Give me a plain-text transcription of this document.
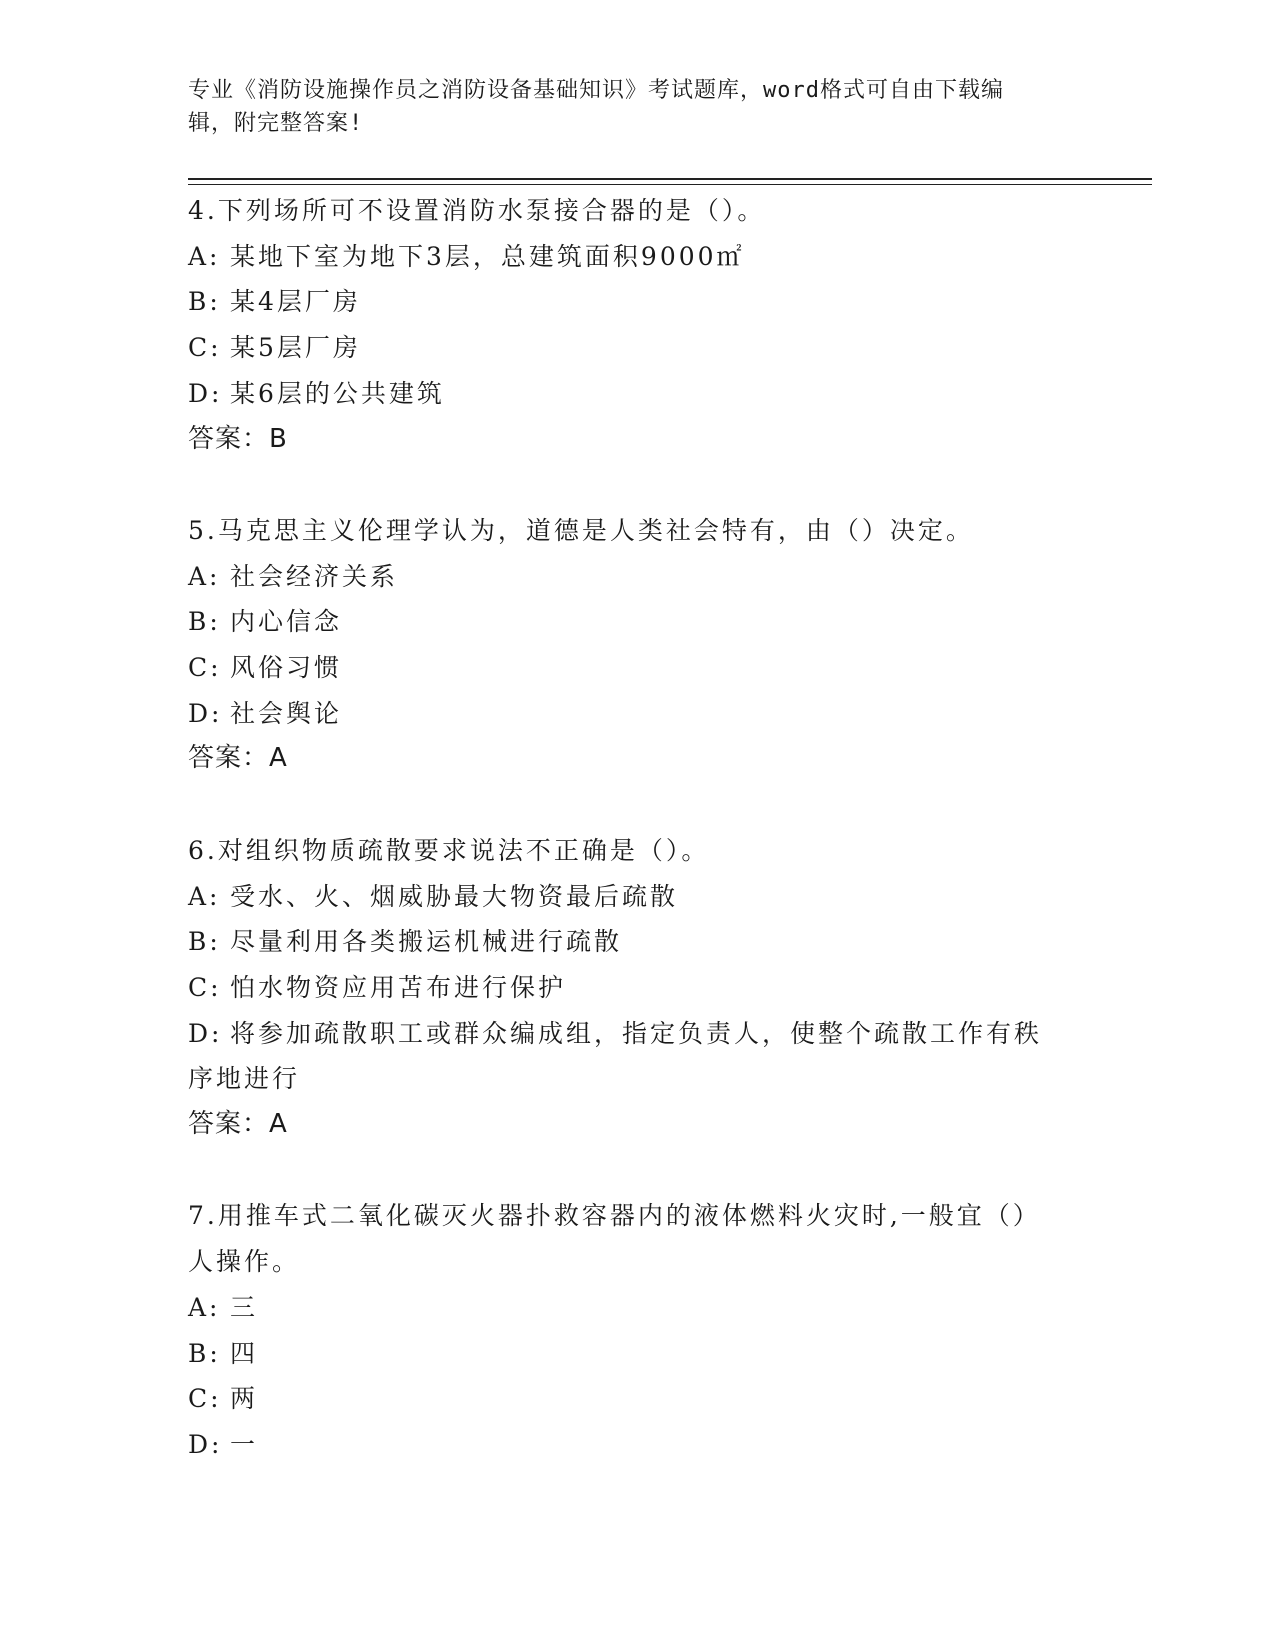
专业《消防设施操作员之消防设备基础知识》考试题库，word格式可自由下载编
辑，附完整答案!
4.下列场所可不设置消防水泵接合器的是（）。
A: 某地下室为地下3层，总建筑面积9000㎡
B: 某4层厂房
C: 某5层厂房
D: 某6层的公共建筑
答案：B
5.马克思主义伦理学认为，道德是人类社会特有，由（）决定。
A: 社会经济关系
B: 内心信念
C: 风俗习惯
D: 社会舆论
答案：A
6.对组织物质疏散要求说法不正确是（）。
A: 受水、火、烟威胁最大物资最后疏散
B: 尽量利用各类搬运机械进行疏散
C: 怕水物资应用苫布进行保护
D: 将参加疏散职工或群众编成组，指定负责人，使整个疏散工作有秩
序地进行
答案：A
7.用推车式二氧化碳灭火器扑救容器内的液体燃料火灾时,一般宜（）
人操作。
A: 三
B: 四
C: 两
D: 一
